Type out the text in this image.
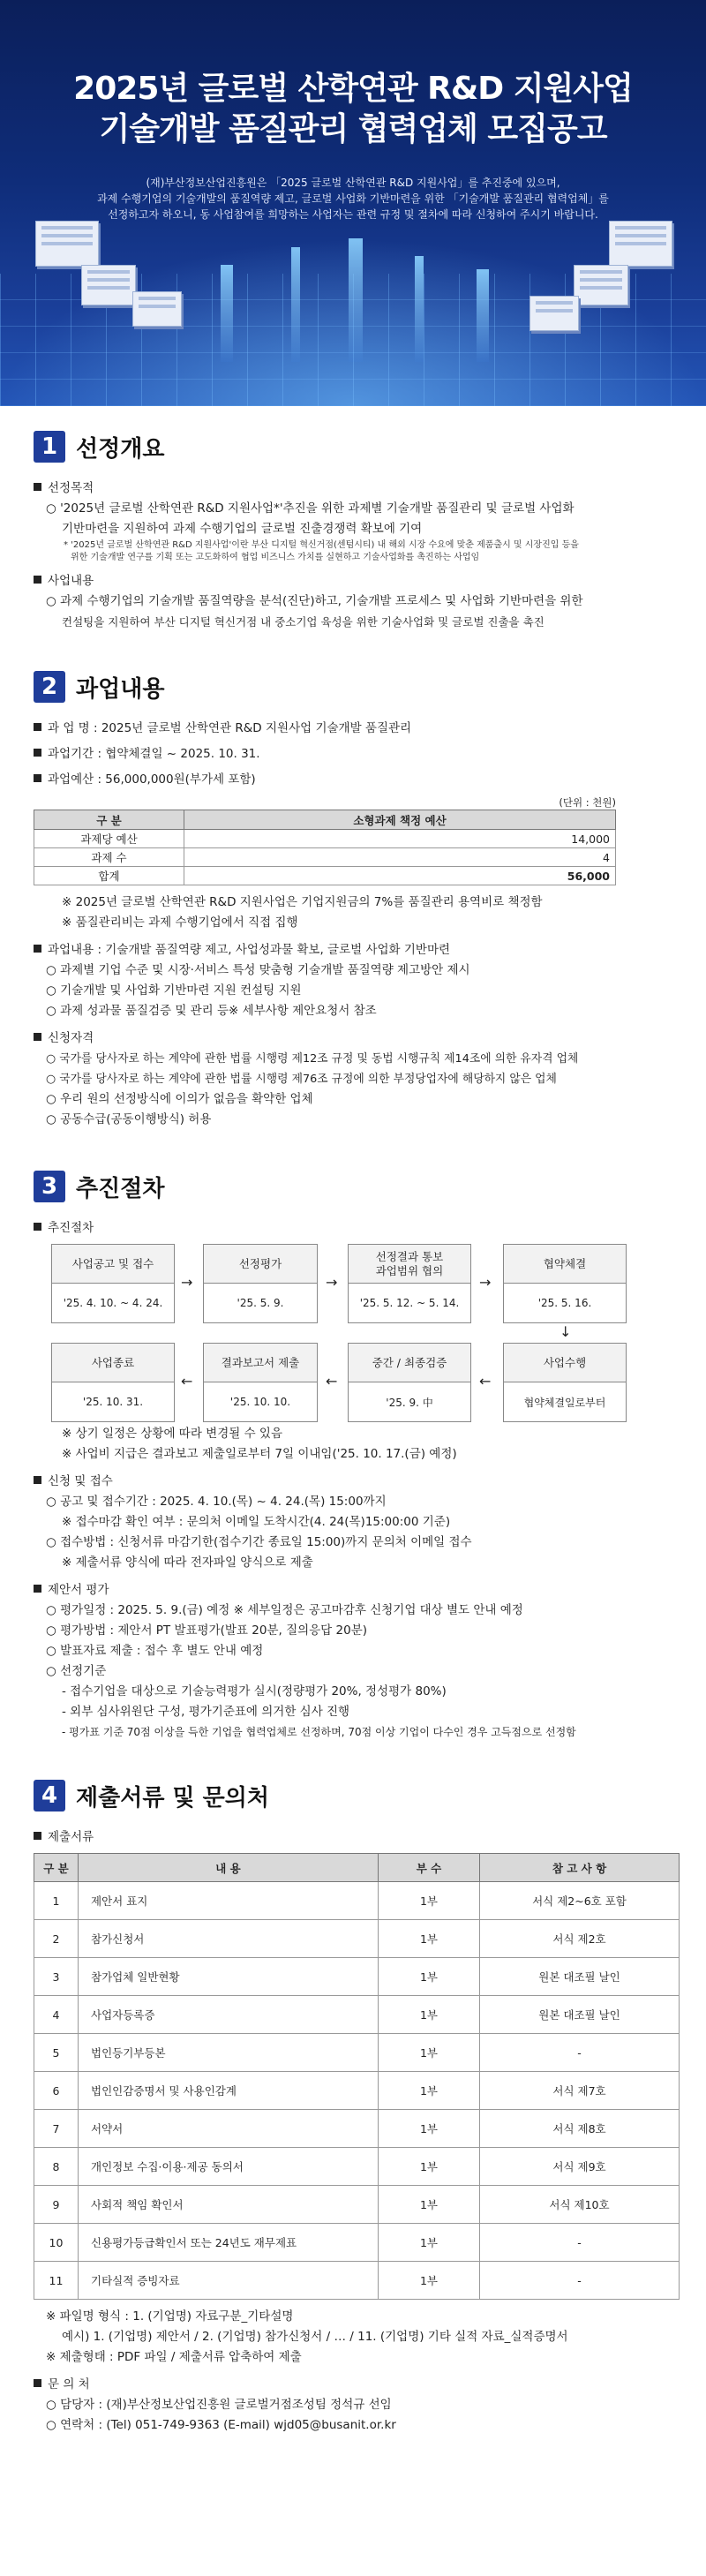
2025년 글로벌 산학연관 R&D 지원사업
기술개발 품질관리 협력업체 모집공고
(재)부산정보산업진흥원은 「2025 글로벌 산학연관 R&D 지원사업」를 추진중에 있으며,
과제 수행기업의 기술개발의 품질역량 제고, 글로벌 사업화 기반마련을 위한 「기술개발 품질관리 협력업체」를
선정하고자 하오니, 동 사업참여를 희망하는 사업자는 관련 규정 및 절차에 따라 신청하여 주시기 바랍니다.
1 선정개요
선정목적
○ '2025년 글로벌 산학연관 R&D 지원사업*'추진을 위한 과제별 기술개발 품질관리 및 글로벌 사업화
기반마련을 지원하여 과제 수행기업의 글로벌 진출경쟁력 확보에 기여
* '2025년 글로벌 산학연관 R&D 지원사업'이란 부산 디지털 혁신거점(센텀시티) 내 해외 시장 수요에 맞춘 제품출시 및 시장진입 등을
위한 기술개발 연구를 기획 또는 고도화하여 협업 비즈니스 가치를 실현하고 기술사업화를 촉진하는 사업임
사업내용
○ 과제 수행기업의 기술개발 품질역량을 분석(진단)하고, 기술개발 프로세스 및 사업화 기반마련을 위한
컨설팅을 지원하여 부산 디지털 혁신거점 내 중소기업 육성을 위한 기술사업화 및 글로벌 진출을 촉진
2 과업내용
과 업 명 : 2025년 글로벌 산학연관 R&D 지원사업 기술개발 품질관리
과업기간 : 협약체결일 ~ 2025. 10. 31.
과업예산 : 56,000,000원(부가세 포함)
(단위 : 천원)
구 분	소형과제 책정 예산
과제당 예산	14,000
과제 수	4
합계	56,000
※ 2025년 글로벌 산학연관 R&D 지원사업은 기업지원금의 7%를 품질관리 용역비로 책정함
※ 품질관리비는 과제 수행기업에서 직접 집행
과업내용 : 기술개발 품질역량 제고, 사업성과물 확보, 글로벌 사업화 기반마련
○ 과제별 기업 수준 및 시장·서비스 특성 맞춤형 기술개발 품질역량 제고방안 제시
○ 기술개발 및 사업화 기반마련 지원 컨설팅 지원
○ 과제 성과물 품질검증 및 관리 등※ 세부사항 제안요청서 참조
신청자격
○ 국가를 당사자로 하는 계약에 관한 법률 시행령 제12조 규정 및 동법 시행규칙 제14조에 의한 유자격 업체
○ 국가를 당사자로 하는 계약에 관한 법률 시행령 제76조 규정에 의한 부정당업자에 해당하지 않은 업체
○ 우리 원의 선정방식에 이의가 없음을 확약한 업체
○ 공동수급(공동이행방식) 허용
3 추진절차
추진절차
사업공고 및 접수
'25. 4. 10. ~ 4. 24.
→
선정평가
'25. 5. 9.
→
선정결과 통보
과업범위 협의
'25. 5. 12. ~ 5. 14.
→
협약체결
'25. 5. 16.
↓
사업수행
협약체결일로부터
←
중간 / 최종검증
'25. 9. 中
←
결과보고서 제출
'25. 10. 10.
←
사업종료
'25. 10. 31.
※ 상기 일정은 상황에 따라 변경될 수 있음
※ 사업비 지급은 결과보고 제출일로부터 7일 이내임('25. 10. 17.(금) 예정)
신청 및 접수
○ 공고 및 접수기간 : 2025. 4. 10.(목) ~ 4. 24.(목) 15:00까지
※ 접수마감 확인 여부 : 문의처 이메일 도착시간(4. 24(목)15:00:00 기준)
○ 접수방법 : 신청서류 마감기한(접수기간 종료일 15:00)까지 문의처 이메일 접수
※ 제출서류 양식에 따라 전자파일 양식으로 제출
제안서 평가
○ 평가일정 : 2025. 5. 9.(금) 예정 ※ 세부일정은 공고마감후 신청기업 대상 별도 안내 예정
○ 평가방법 : 제안서 PT 발표평가(발표 20분, 질의응답 20분)
○ 발표자료 제출 : 접수 후 별도 안내 예정
○ 선정기준
- 접수기업을 대상으로 기술능력평가 실시(정량평가 20%, 정성평가 80%)
- 외부 심사위원단 구성, 평가기준표에 의거한 심사 진행
- 평가표 기준 70점 이상을 득한 기업을 협력업체로 선정하며, 70점 이상 기업이 다수인 경우 고득점으로 선정함
4 제출서류 및 문의처
제출서류
구 분	내 용	부 수	참 고 사 항
1	제안서 표지	1부	서식 제2~6호 포함
2	참가신청서	1부	서식 제2호
3	참가업체 일반현황	1부	원본 대조필 날인
4	사업자등록증	1부	원본 대조필 날인
5	법인등기부등본	1부	-
6	법인인감증명서 및 사용인감계	1부	서식 제7호
7	서약서	1부	서식 제8호
8	개인정보 수집·이용·제공 동의서	1부	서식 제9호
9	사회적 책임 확인서	1부	서식 제10호
10	신용평가등급확인서 또는 24년도 재무제표	1부	-
11	기타실적 증빙자료	1부	-
※ 파일명 형식 : 1. (기업명) 자료구분_기타설명
예시) 1. (기업명) 제안서 / 2. (기업명) 참가신청서 / … / 11. (기업명) 기타 실적 자료_실적증명서
※ 제출형태 : PDF 파일 / 제출서류 압축하여 제출
문 의 처
○ 담당자 : (재)부산정보산업진흥원 글로벌거점조성팀 정석규 선임
○ 연락처 : (Tel) 051-749-9363 (E-mail) wjd05@busanit.or.kr
